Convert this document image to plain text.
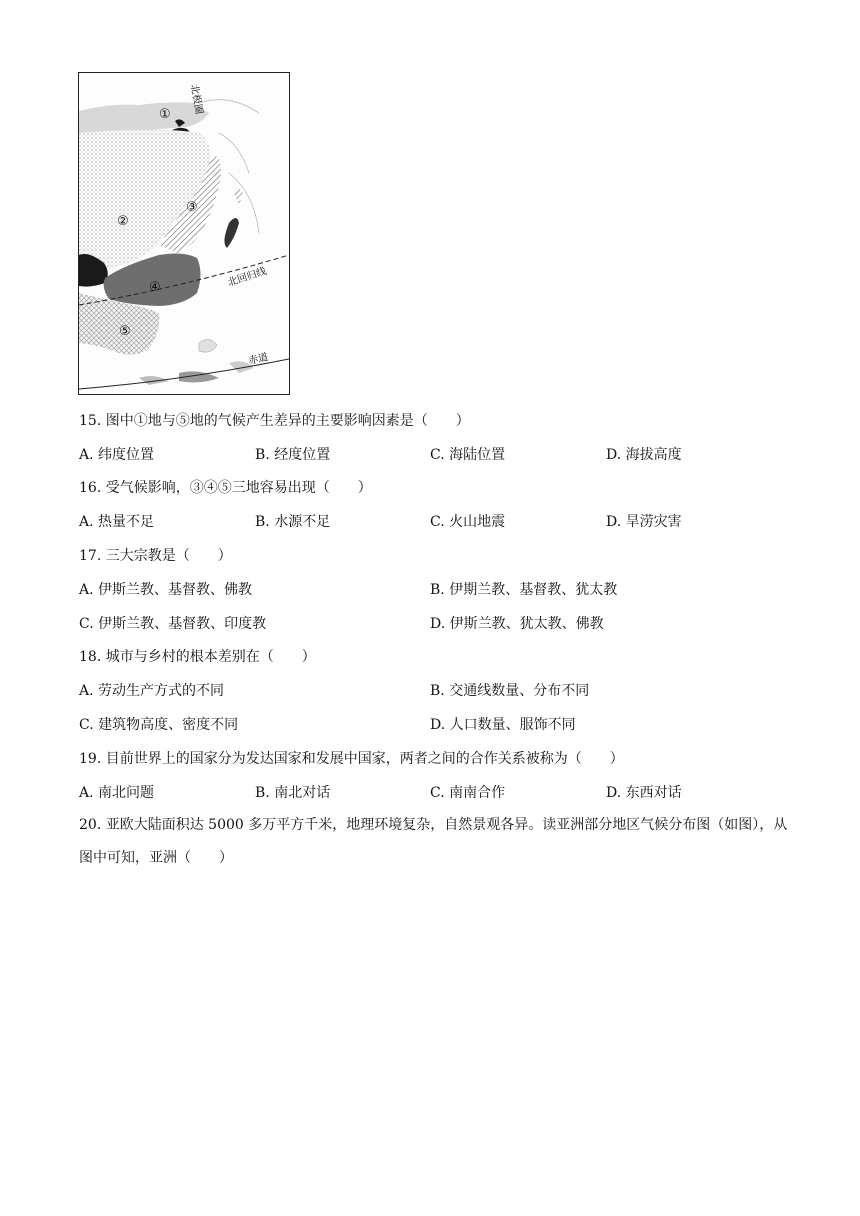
①
②
③
④
⑤
北极圈
北回归线
赤道
15. 图中①地与⑤地的气候产生差异的主要影响因素是（　　）
A. 纬度位置	B. 经度位置	C. 海陆位置	D. 海拔高度
16. 受气候影响，③④⑤三地容易出现（　　）
A. 热量不足	B. 水源不足	C. 火山地震	D. 旱涝灾害
17. 三大宗教是（　　）
A. 伊斯兰教、基督教、佛教	B. 伊期兰教、基督教、犹太教
C. 伊斯兰教、基督教、印度教	D. 伊斯兰教、犹太教、佛教
18. 城市与乡村的根本差别在（　　）
A. 劳动生产方式的不同	B. 交通线数量、分布不同
C. 建筑物高度、密度不同	D. 人口数量、服饰不同
19. 目前世界上的国家分为发达国家和发展中国家，两者之间的合作关系被称为（　　）
A. 南北问题	B. 南北对话	C. 南南合作	D. 东西对话
20. 亚欧大陆面积达 5000 多万平方千米，地理环境复杂，自然景观各异。读亚洲部分地区气候分布图（如图），从图中可知，亚洲（　　）
